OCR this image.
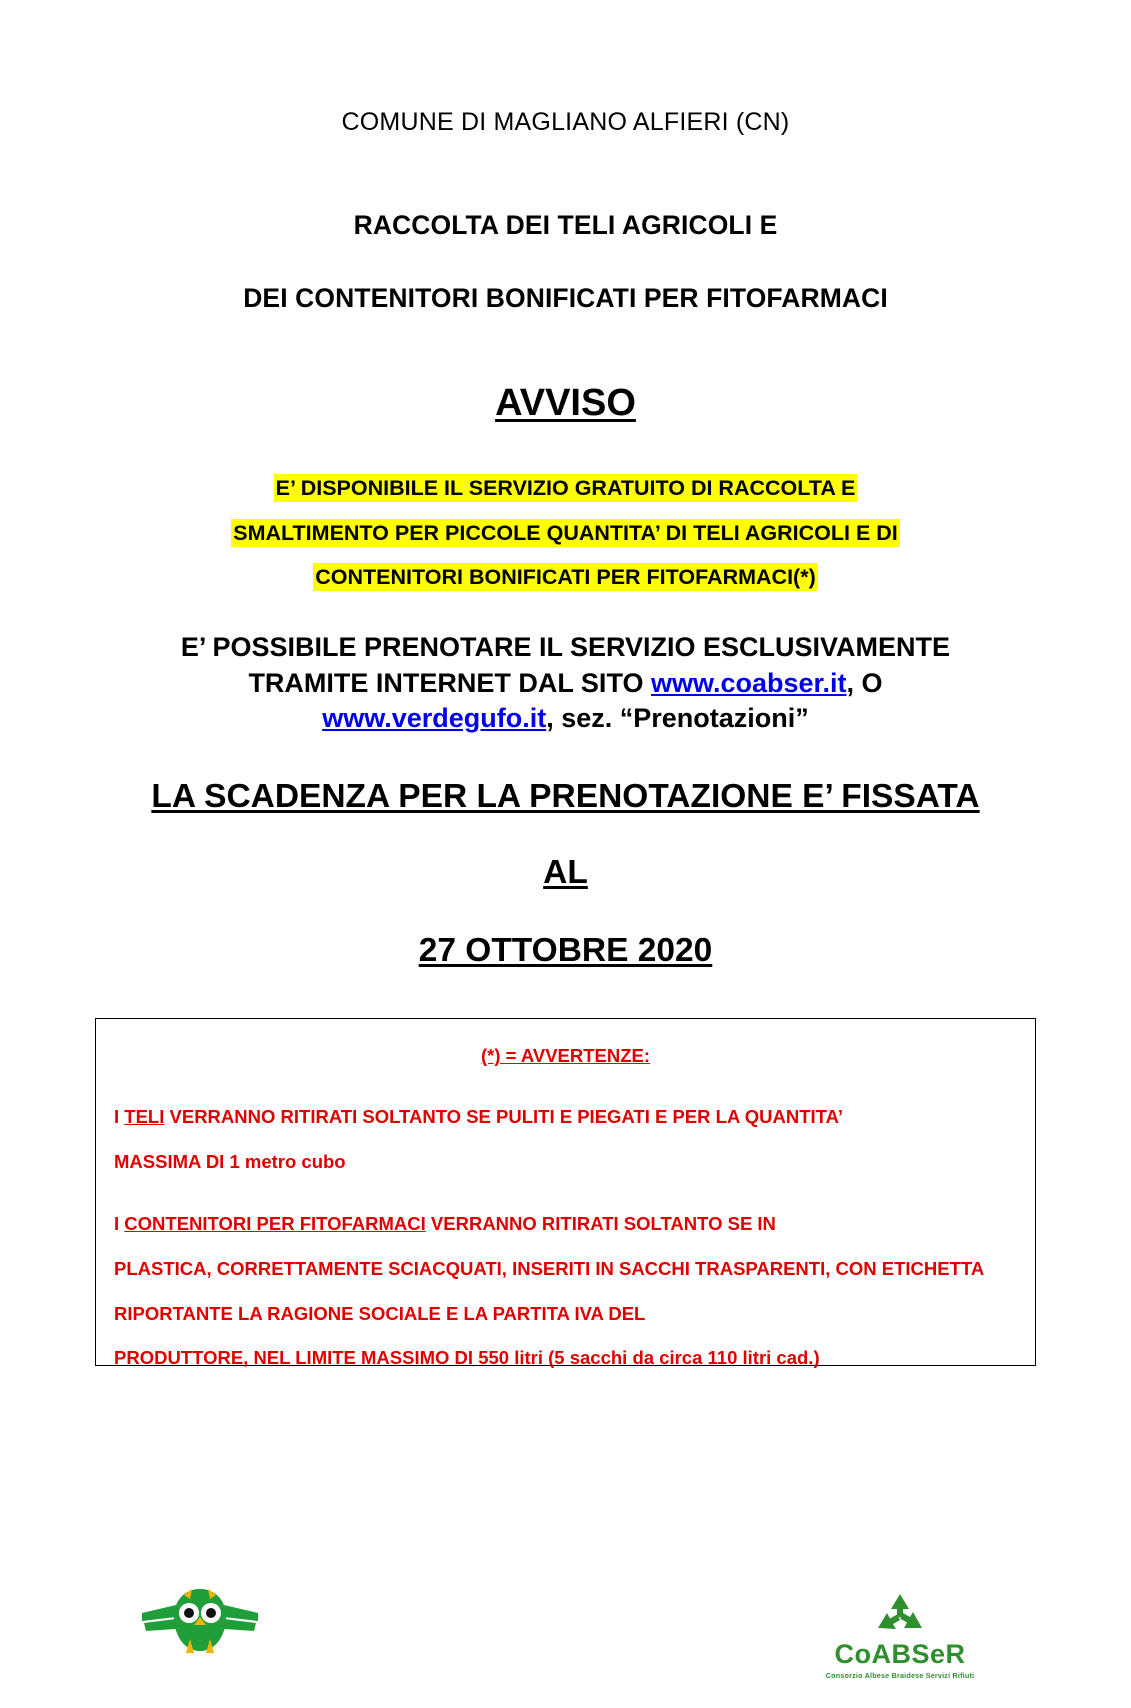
COMUNE DI MAGLIANO ALFIERI (CN)
RACCOLTA DEI TELI AGRICOLI E
DEI CONTENITORI BONIFICATI PER FITOFARMACI
AVVISO
E’ DISPONIBILE IL SERVIZIO GRATUITO DI RACCOLTA E
SMALTIMENTO PER PICCOLE QUANTITA’ DI TELI AGRICOLI E DI
CONTENITORI BONIFICATI PER FITOFARMACI(*)
E’ POSSIBILE PRENOTARE IL SERVIZIO ESCLUSIVAMENTE
TRAMITE INTERNET DAL SITO www.coabser.it, O
www.verdegufo.it, sez. “Prenotazioni”
LA SCADENZA PER LA PRENOTAZIONE E’ FISSATA
AL
27 OTTOBRE 2020
(*) = AVVERTENZE:

I TELI VERRANNO RITIRATI SOLTANTO SE PULITI E PIEGATI E PER LA QUANTITA’

MASSIMA DI 1 metro cubo

I CONTENITORI PER FITOFARMACI VERRANNO RITIRATI SOLTANTO SE IN

PLASTICA, CORRETTAMENTE SCIACQUATI, INSERITI IN SACCHI TRASPARENTI, CON ETICHETTA

RIPORTANTE LA RAGIONE SOCIALE E LA PARTITA IVA DEL

PRODUTTORE, NEL LIMITE MASSIMO DI 550 litri (5 sacchi da circa 110 litri cad.)

CoABSeR
Consorzio Albese Braidese Servizi Rifiuti
